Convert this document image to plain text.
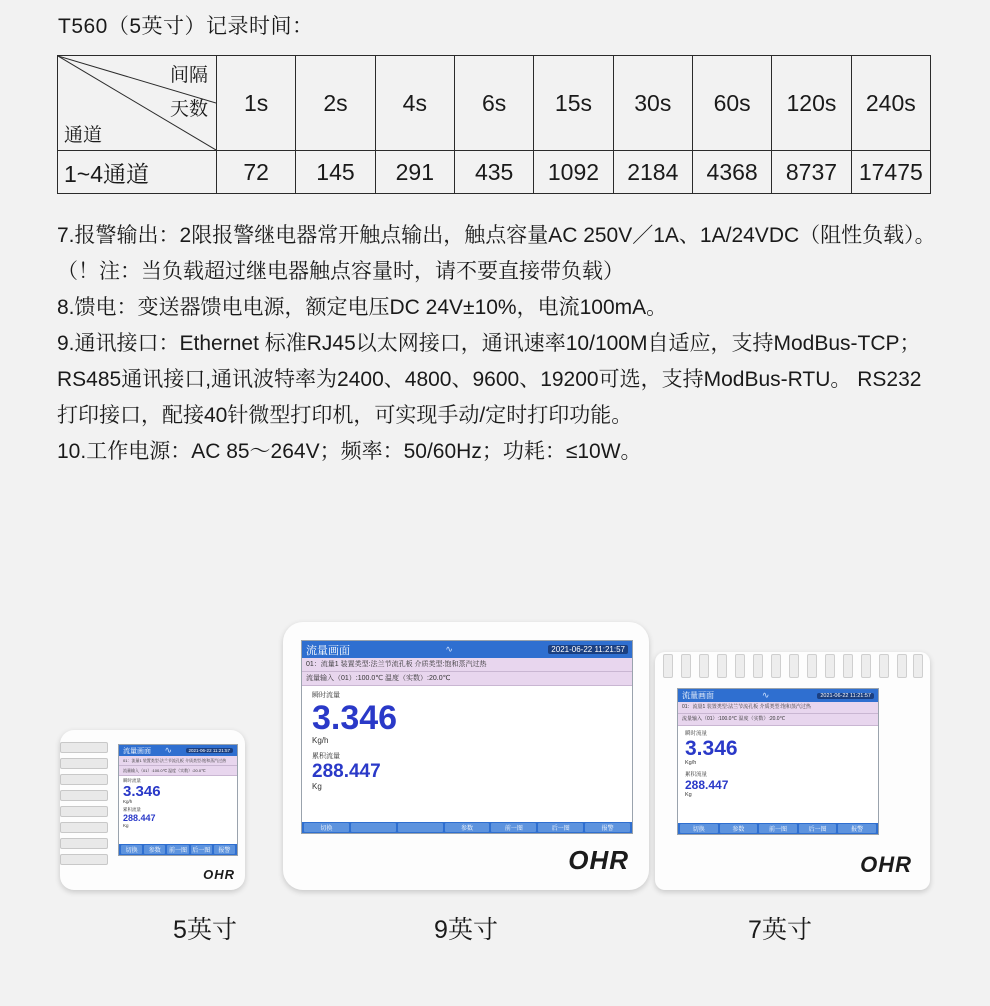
T560（5英寸）记录时间：
间隔
天数
通道	1s	2s	4s	6s	15s	30s	60s	120s	240s
1~4通道	72	145	291	435	1092	2184	4368	8737	17475

7.报警输出：2限报警继电器常开触点输出，触点容量AC 250V／1A、1A/24VDC（阻性负载）。（！注：当负载超过继电器触点容量时，请不要直接带负载）

8.馈电：变送器馈电电源，额定电压DC 24V±10%，电流100mA。

9.通讯接口：Ethernet 标准RJ45以太网接口，通讯速率10/100M自适应，支持ModBus-TCP；RS485通讯接口,通讯波特率为2400、4800、9600、19200可选，支持ModBus-RTU。 RS232打印接口，配接40针微型打印机，可实现手动/定时打印功能。

10.工作电源：AC 85～264V；频率：50/60Hz；功耗：≤10W。

流量画面 ∿	2021-06-22 11:21:57
01：流量1 装置类型:法兰节流孔板 介质类型:饱和蒸汽过热
流量输入（01）:100.0℃ 温度（实数）:20.0℃
瞬时流量
3.346
Kg/h
累积流量
288.447
Kg
切换	参数	前一图 后一图	报警
OHR
5英寸
流量画面	∿	2021-06-22 11:21:57
01：流量1 装置类型:法兰节流孔板 介质类型:饱和蒸汽过热
流量输入（01）:100.0℃ 温度（实数）:20.0℃
瞬时流量
3.346
Kg/h
累积流量
288.447
Kg
切换	参数	前一图	后一图	报警
OHR
9英寸
流量画面	∿	2021-06-22 11:21:57
01：流量1 装置类型:法兰节流孔板 介质类型:饱和蒸汽过热
流量输入（01）:100.0℃ 温度（实数）:20.0℃
瞬时流量
3.346
Kg/h
累积流量
288.447
Kg
切换	参数	前一图	后一图	报警
OHR
7英寸
